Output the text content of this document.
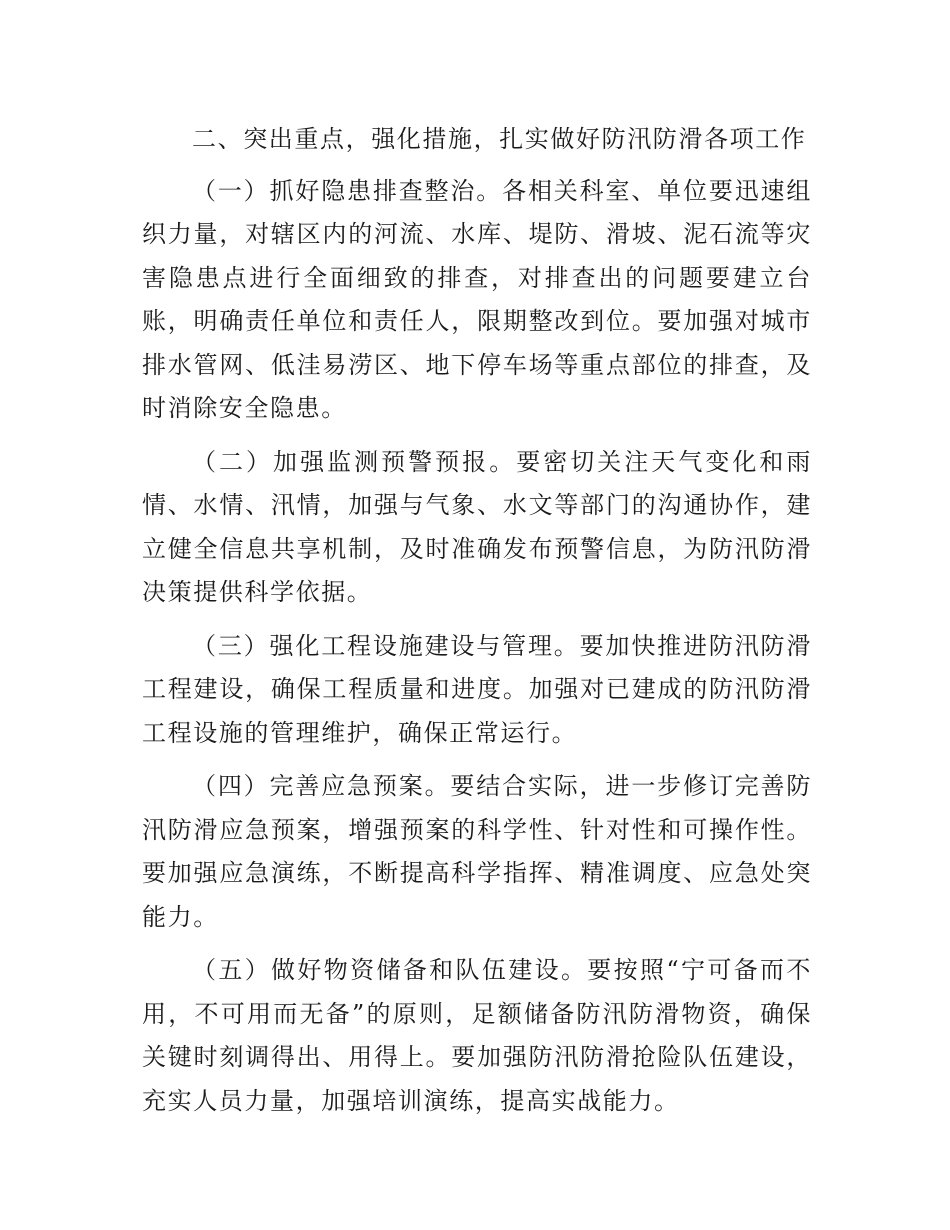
二、突出重点，强化措施，扎实做好防汛防滑各项工作

（一）抓好隐患排查整治。各相关科室、单位要迅速组织力量，对辖区内的河流、水库、堤防、滑坡、泥石流等灾害隐患点进行全面细致的排查，对排查出的问题要建立台账，明确责任单位和责任人，限期整改到位。要加强对城市排水管网、低洼易涝区、地下停车场等重点部位的排查，及时消除安全隐患。

（二）加强监测预警预报。要密切关注天气变化和雨情、水情、汛情，加强与气象、水文等部门的沟通协作，建立健全信息共享机制，及时准确发布预警信息，为防汛防滑决策提供科学依据。

（三）强化工程设施建设与管理。要加快推进防汛防滑工程建设，确保工程质量和进度。加强对已建成的防汛防滑工程设施的管理维护，确保正常运行。

（四）完善应急预案。要结合实际，进一步修订完善防汛防滑应急预案，增强预案的科学性、针对性和可操作性。要加强应急演练，不断提高科学指挥、精准调度、应急处突能力。

（五）做好物资储备和队伍建设。要按照“宁可备而不用，不可用而无备”的原则，足额储备防汛防滑物资，确保关键时刻调得出、用得上。要加强防汛防滑抢险队伍建设，充实人员力量，加强培训演练，提高实战能力。
